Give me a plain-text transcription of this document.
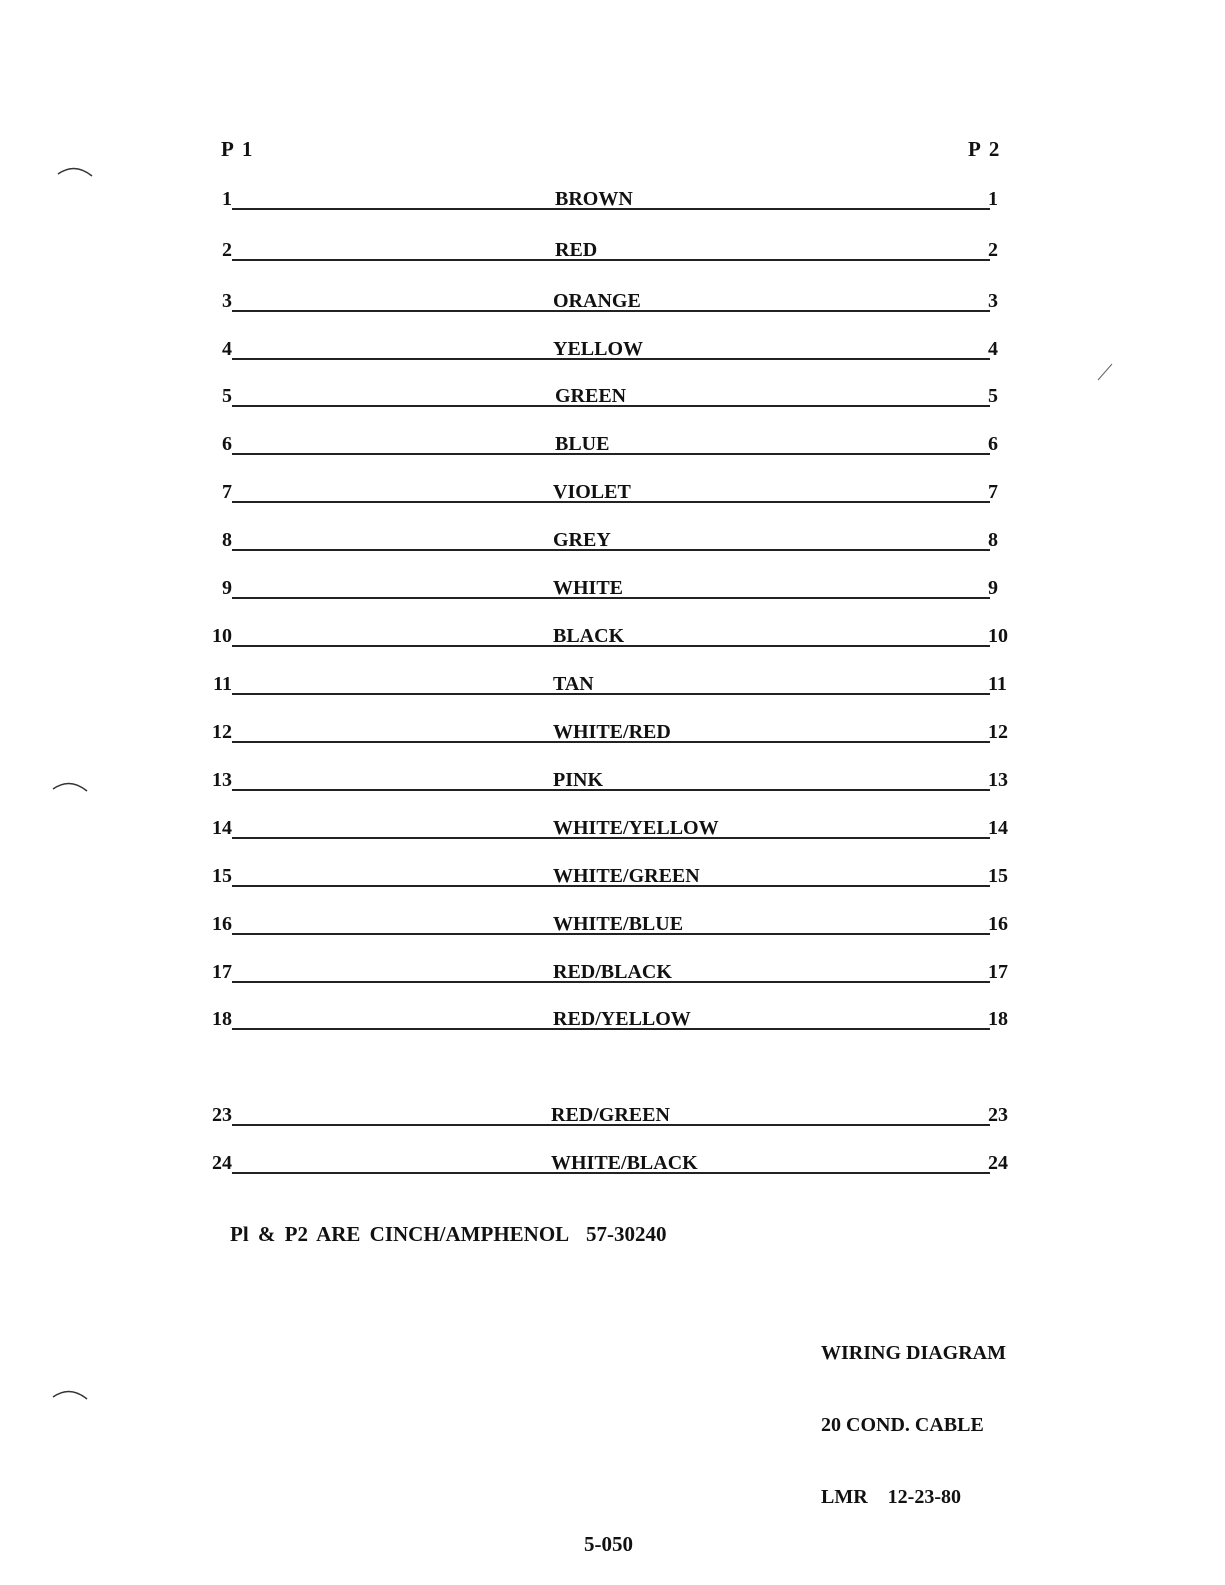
P 1	P 2
1	BROWN	1
2	RED	2
3	ORANGE	3
4	YELLOW	4
5	GREEN	5
6	BLUE	6
7	VIOLET	7
8	GREY	8
9	WHITE	9
10	BLACK	10
11	TAN	11
12	WHITE/RED	12
13	PINK	13
14	WHITE/YELLOW	14
15	WHITE/GREEN	15
16	WHITE/BLUE	16
17	RED/BLACK	17
18	RED/YELLOW	18
23	RED/GREEN	23
24	WHITE/BLACK	24
Pl & P2 ARE CINCH/AMPHENOL 57-30240

WIRING DIAGRAM

20 COND. CABLE

LMR    12-23-80

5-050
